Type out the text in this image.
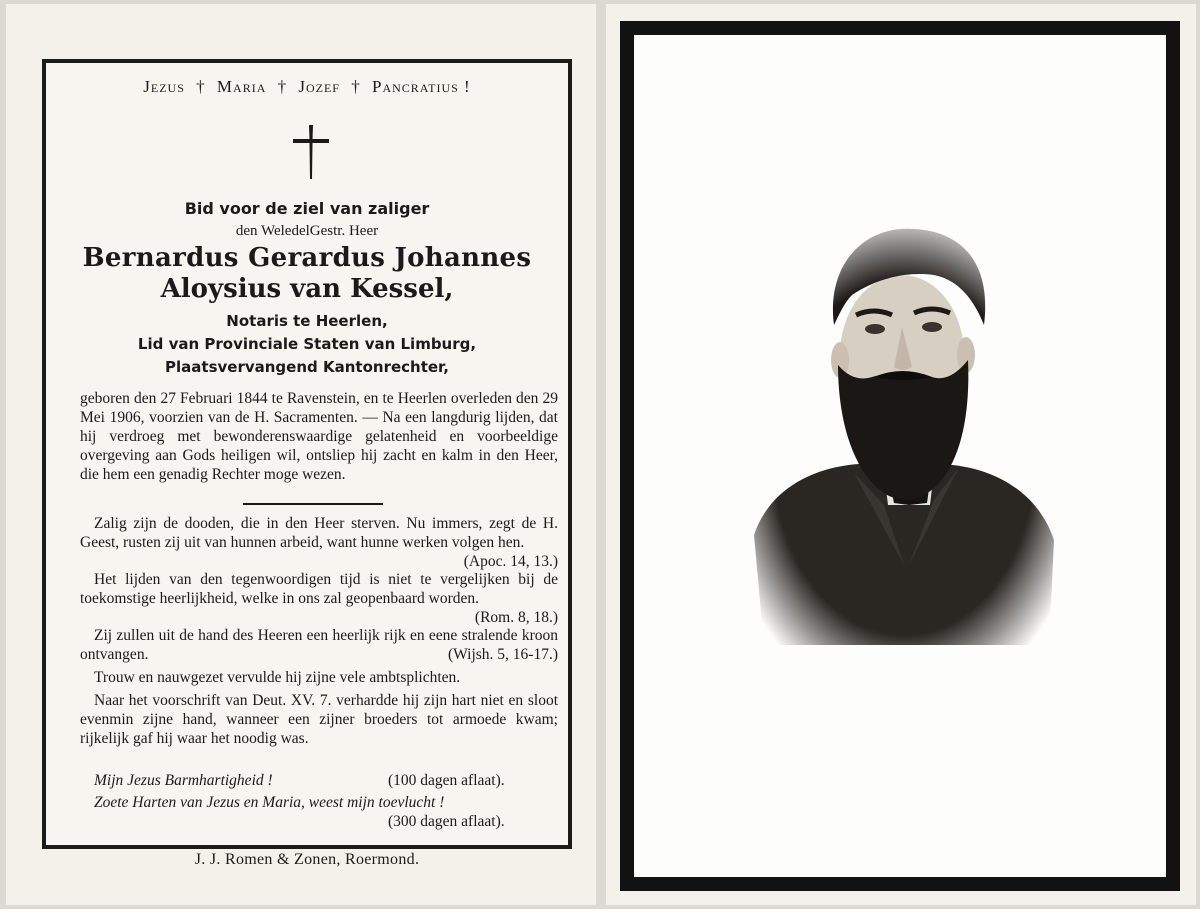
Jezus † Maria † Jozef † Pancratius !
Bid voor de ziel van zaliger
den WeledelGestr. Heer
Bernardus Gerardus Johannes
Aloysius van Kessel,
Notaris te Heerlen,
Lid van Provinciale Staten van Limburg,
Plaatsvervangend Kantonrechter,
geboren den 27 Februari 1844 te Ravenstein, en te Heerlen overleden den 29 Mei 1906, voorzien van de H. Sacramenten. — Na een langdurig lijden, dat hij verdroeg met bewonderenswaardige gelatenheid en voorbeeldige overgeving aan Gods heiligen wil, ontsliep hij zacht en kalm in den Heer, die hem een genadig Rechter moge wezen.
Zalig zijn de dooden, die in den Heer sterven. Nu immers, zegt de H. Geest, rusten zij uit van hunnen arbeid, want hunne werken volgen hen.
(Apoc. 14, 13.)
Het lijden van den tegenwoordigen tijd is niet te vergelijken bij de toekomstige heerlijkheid, welke in ons zal geopenbaard worden.
(Rom. 8, 18.)
Zij zullen uit de hand des Heeren een heerlijk rijk en eene stralende kroon ontvangen.	(Wijsh. 5, 16-17.)
Trouw en nauwgezet vervulde hij zijne vele ambtsplichten.
Naar het voorschrift van Deut. XV. 7. verhardde hij zijn hart niet en sloot evenmin zijne hand, wanneer een zijner broeders tot armoede kwam; rijkelijk gaf hij waar het noodig was.
Mijn Jezus Barmhartigheid !	(100 dagen aflaat).
Zoete Harten van Jezus en Maria, weest mijn toevlucht !
(300 dagen aflaat).
J. J. Romen & Zonen, Roermond.
